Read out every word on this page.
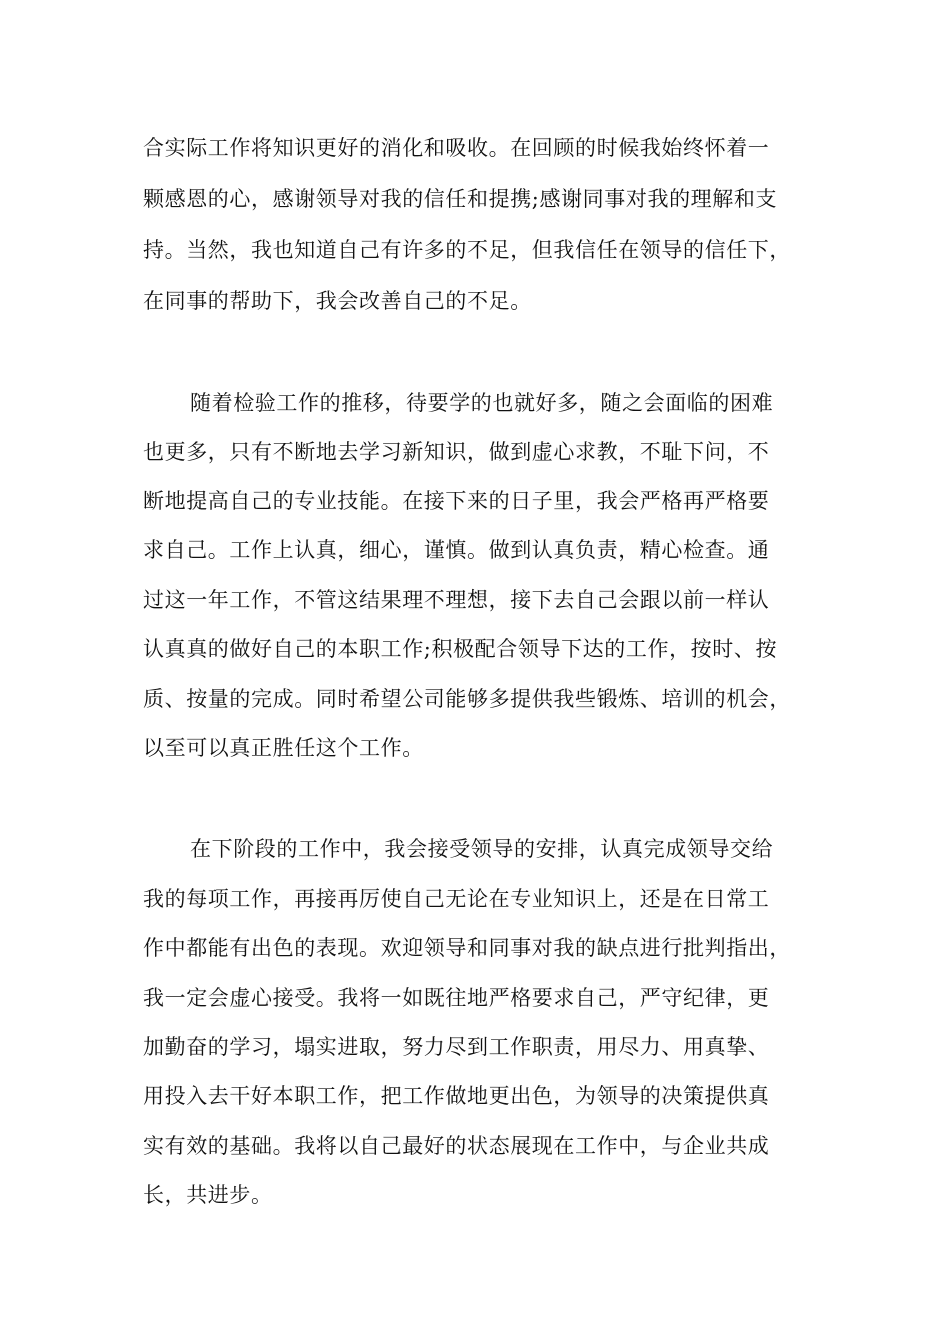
合实际工作将知识更好的消化和吸收。在回顾的时候我始终怀着一
颗感恩的心，感谢领导对我的信任和提携;感谢同事对我的理解和支
持。当然，我也知道自己有许多的不足，但我信任在领导的信任下，
在同事的帮助下，我会改善自己的不足。
随着检验工作的推移，待要学的也就好多，随之会面临的困难
也更多，只有不断地去学习新知识，做到虚心求教，不耻下问，不
断地提高自己的专业技能。在接下来的日子里，我会严格再严格要
求自己。工作上认真，细心，谨慎。做到认真负责，精心检查。通
过这一年工作，不管这结果理不理想，接下去自己会跟以前一样认
认真真的做好自己的本职工作;积极配合领导下达的工作，按时、按
质、按量的完成。同时希望公司能够多提供我些锻炼、培训的机会，
以至可以真正胜任这个工作。
在下阶段的工作中，我会接受领导的安排，认真完成领导交给
我的每项工作，再接再厉使自己无论在专业知识上，还是在日常工
作中都能有出色的表现。欢迎领导和同事对我的缺点进行批判指出，
我一定会虚心接受。我将一如既往地严格要求自己，严守纪律，更
加勤奋的学习，塌实进取，努力尽到工作职责，用尽力、用真挚、
用投入去干好本职工作，把工作做地更出色，为领导的决策提供真
实有效的基础。我将以自己最好的状态展现在工作中，与企业共成
长，共进步。
